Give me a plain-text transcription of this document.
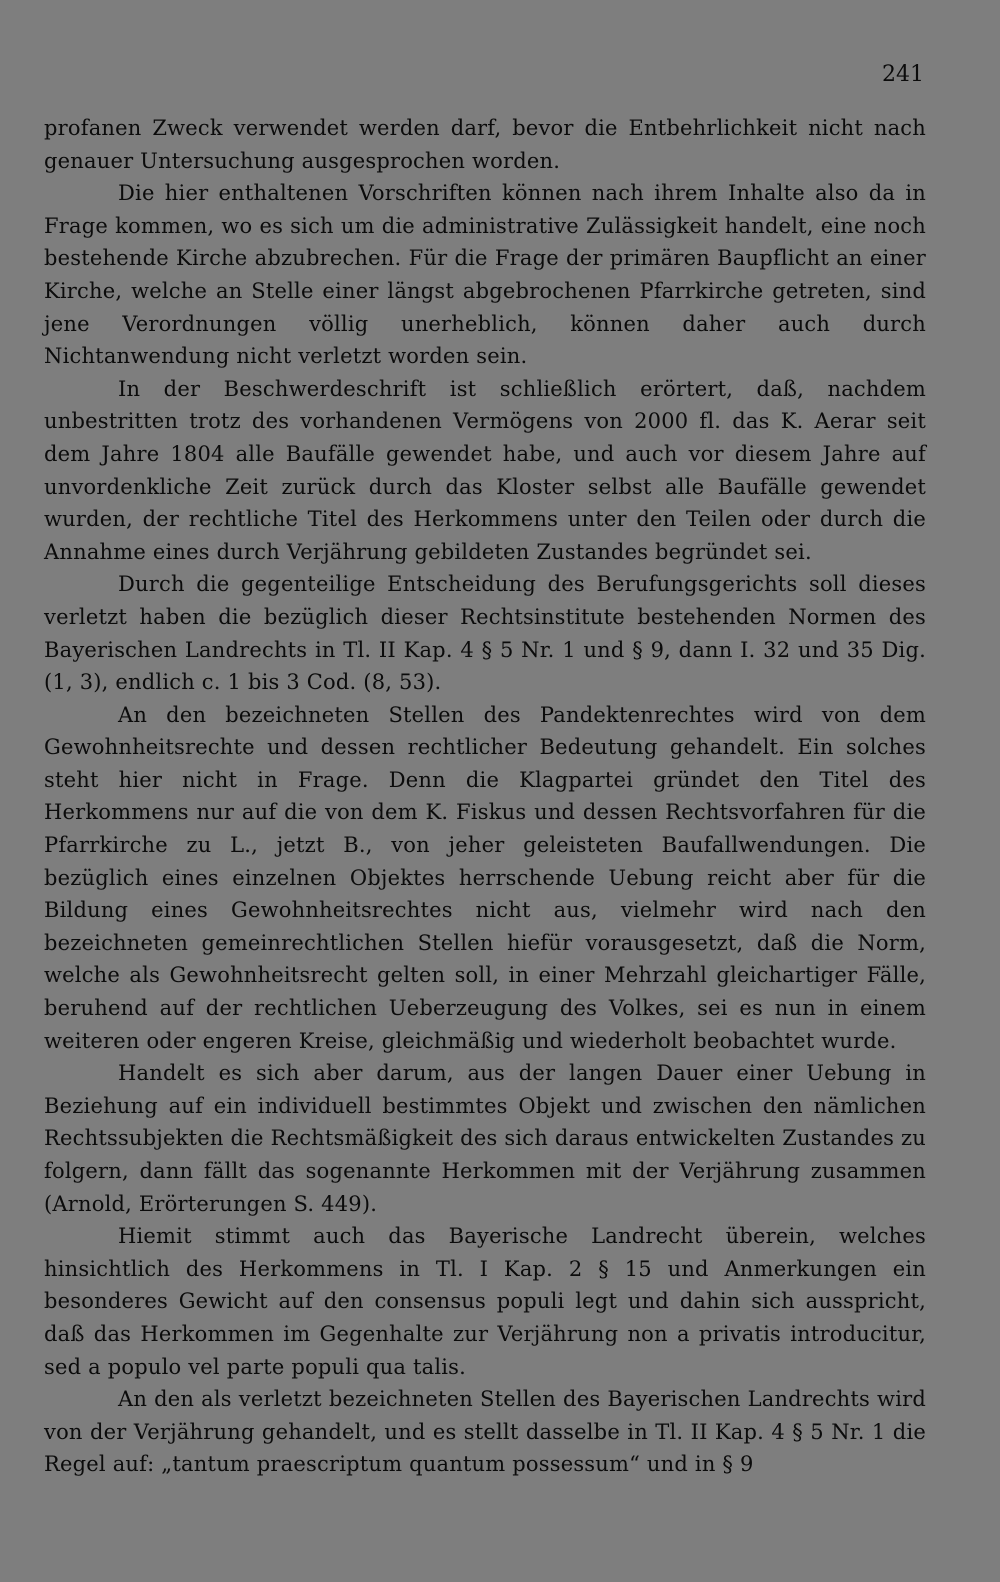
241

profanen Zweck verwendet werden darf, bevor die Entbehrlichkeit nicht nach genauer Untersuchung ausgesprochen worden.

Die hier enthaltenen Vorschriften können nach ihrem Inhalte also da in Frage kommen, wo es sich um die administrative Zulässigkeit handelt, eine noch bestehende Kirche abzubrechen. Für die Frage der primären Baupflicht an einer Kirche, welche an Stelle einer längst abgebrochenen Pfarrkirche getreten, sind jene Verordnungen völlig unerheblich, können daher auch durch Nichtanwendung nicht verletzt worden sein.

In der Beschwerdeschrift ist schließlich erörtert, daß, nachdem unbestritten trotz des vorhandenen Vermögens von 2000 fl. das K. Aerar seit dem Jahre 1804 alle Baufälle gewendet habe, und auch vor diesem Jahre auf unvordenkliche Zeit zurück durch das Kloster selbst alle Baufälle gewendet wurden, der rechtliche Titel des Herkommens unter den Teilen oder durch die Annahme eines durch Verjährung gebildeten Zustandes begründet sei.

Durch die gegenteilige Entscheidung des Berufungsgerichts soll dieses verletzt haben die bezüglich dieser Rechtsinstitute bestehenden Normen des Bayerischen Landrechts in Tl. II Kap. 4 § 5 Nr. 1 und § 9, dann I. 32 und 35 Dig. (1, 3), endlich c. 1 bis 3 Cod. (8, 53).

An den bezeichneten Stellen des Pandektenrechtes wird von dem Gewohnheitsrechte und dessen rechtlicher Bedeutung gehandelt. Ein solches steht hier nicht in Frage. Denn die Klagpartei gründet den Titel des Herkommens nur auf die von dem K. Fiskus und dessen Rechtsvorfahren für die Pfarrkirche zu L., jetzt B., von jeher geleisteten Baufallwendungen. Die bezüglich eines einzelnen Objektes herrschende Uebung reicht aber für die Bildung eines Gewohnheitsrechtes nicht aus, vielmehr wird nach den bezeichneten gemeinrechtlichen Stellen hiefür vorausgesetzt, daß die Norm, welche als Gewohnheitsrecht gelten soll, in einer Mehrzahl gleichartiger Fälle, beruhend auf der rechtlichen Ueberzeugung des Volkes, sei es nun in einem weiteren oder engeren Kreise, gleichmäßig und wiederholt beobachtet wurde.

Handelt es sich aber darum, aus der langen Dauer einer Uebung in Beziehung auf ein individuell bestimmtes Objekt und zwischen den nämlichen Rechtssubjekten die Rechtsmäßigkeit des sich daraus entwickelten Zustandes zu folgern, dann fällt das sogenannte Herkommen mit der Verjährung zusammen (Arnold, Erörterungen S. 449).

Hiemit stimmt auch das Bayerische Landrecht überein, welches hinsichtlich des Herkommens in Tl. I Kap. 2 § 15 und Anmerkungen ein besonderes Gewicht auf den consensus populi legt und dahin sich ausspricht, daß das Herkommen im Gegenhalte zur Verjährung non a privatis introducitur, sed a populo vel parte populi qua talis.

An den als verletzt bezeichneten Stellen des Bayerischen Landrechts wird von der Verjährung gehandelt, und es stellt dasselbe in Tl. II Kap. 4 § 5 Nr. 1 die Regel auf: „tantum praescriptum quantum possessum“ und in § 9
